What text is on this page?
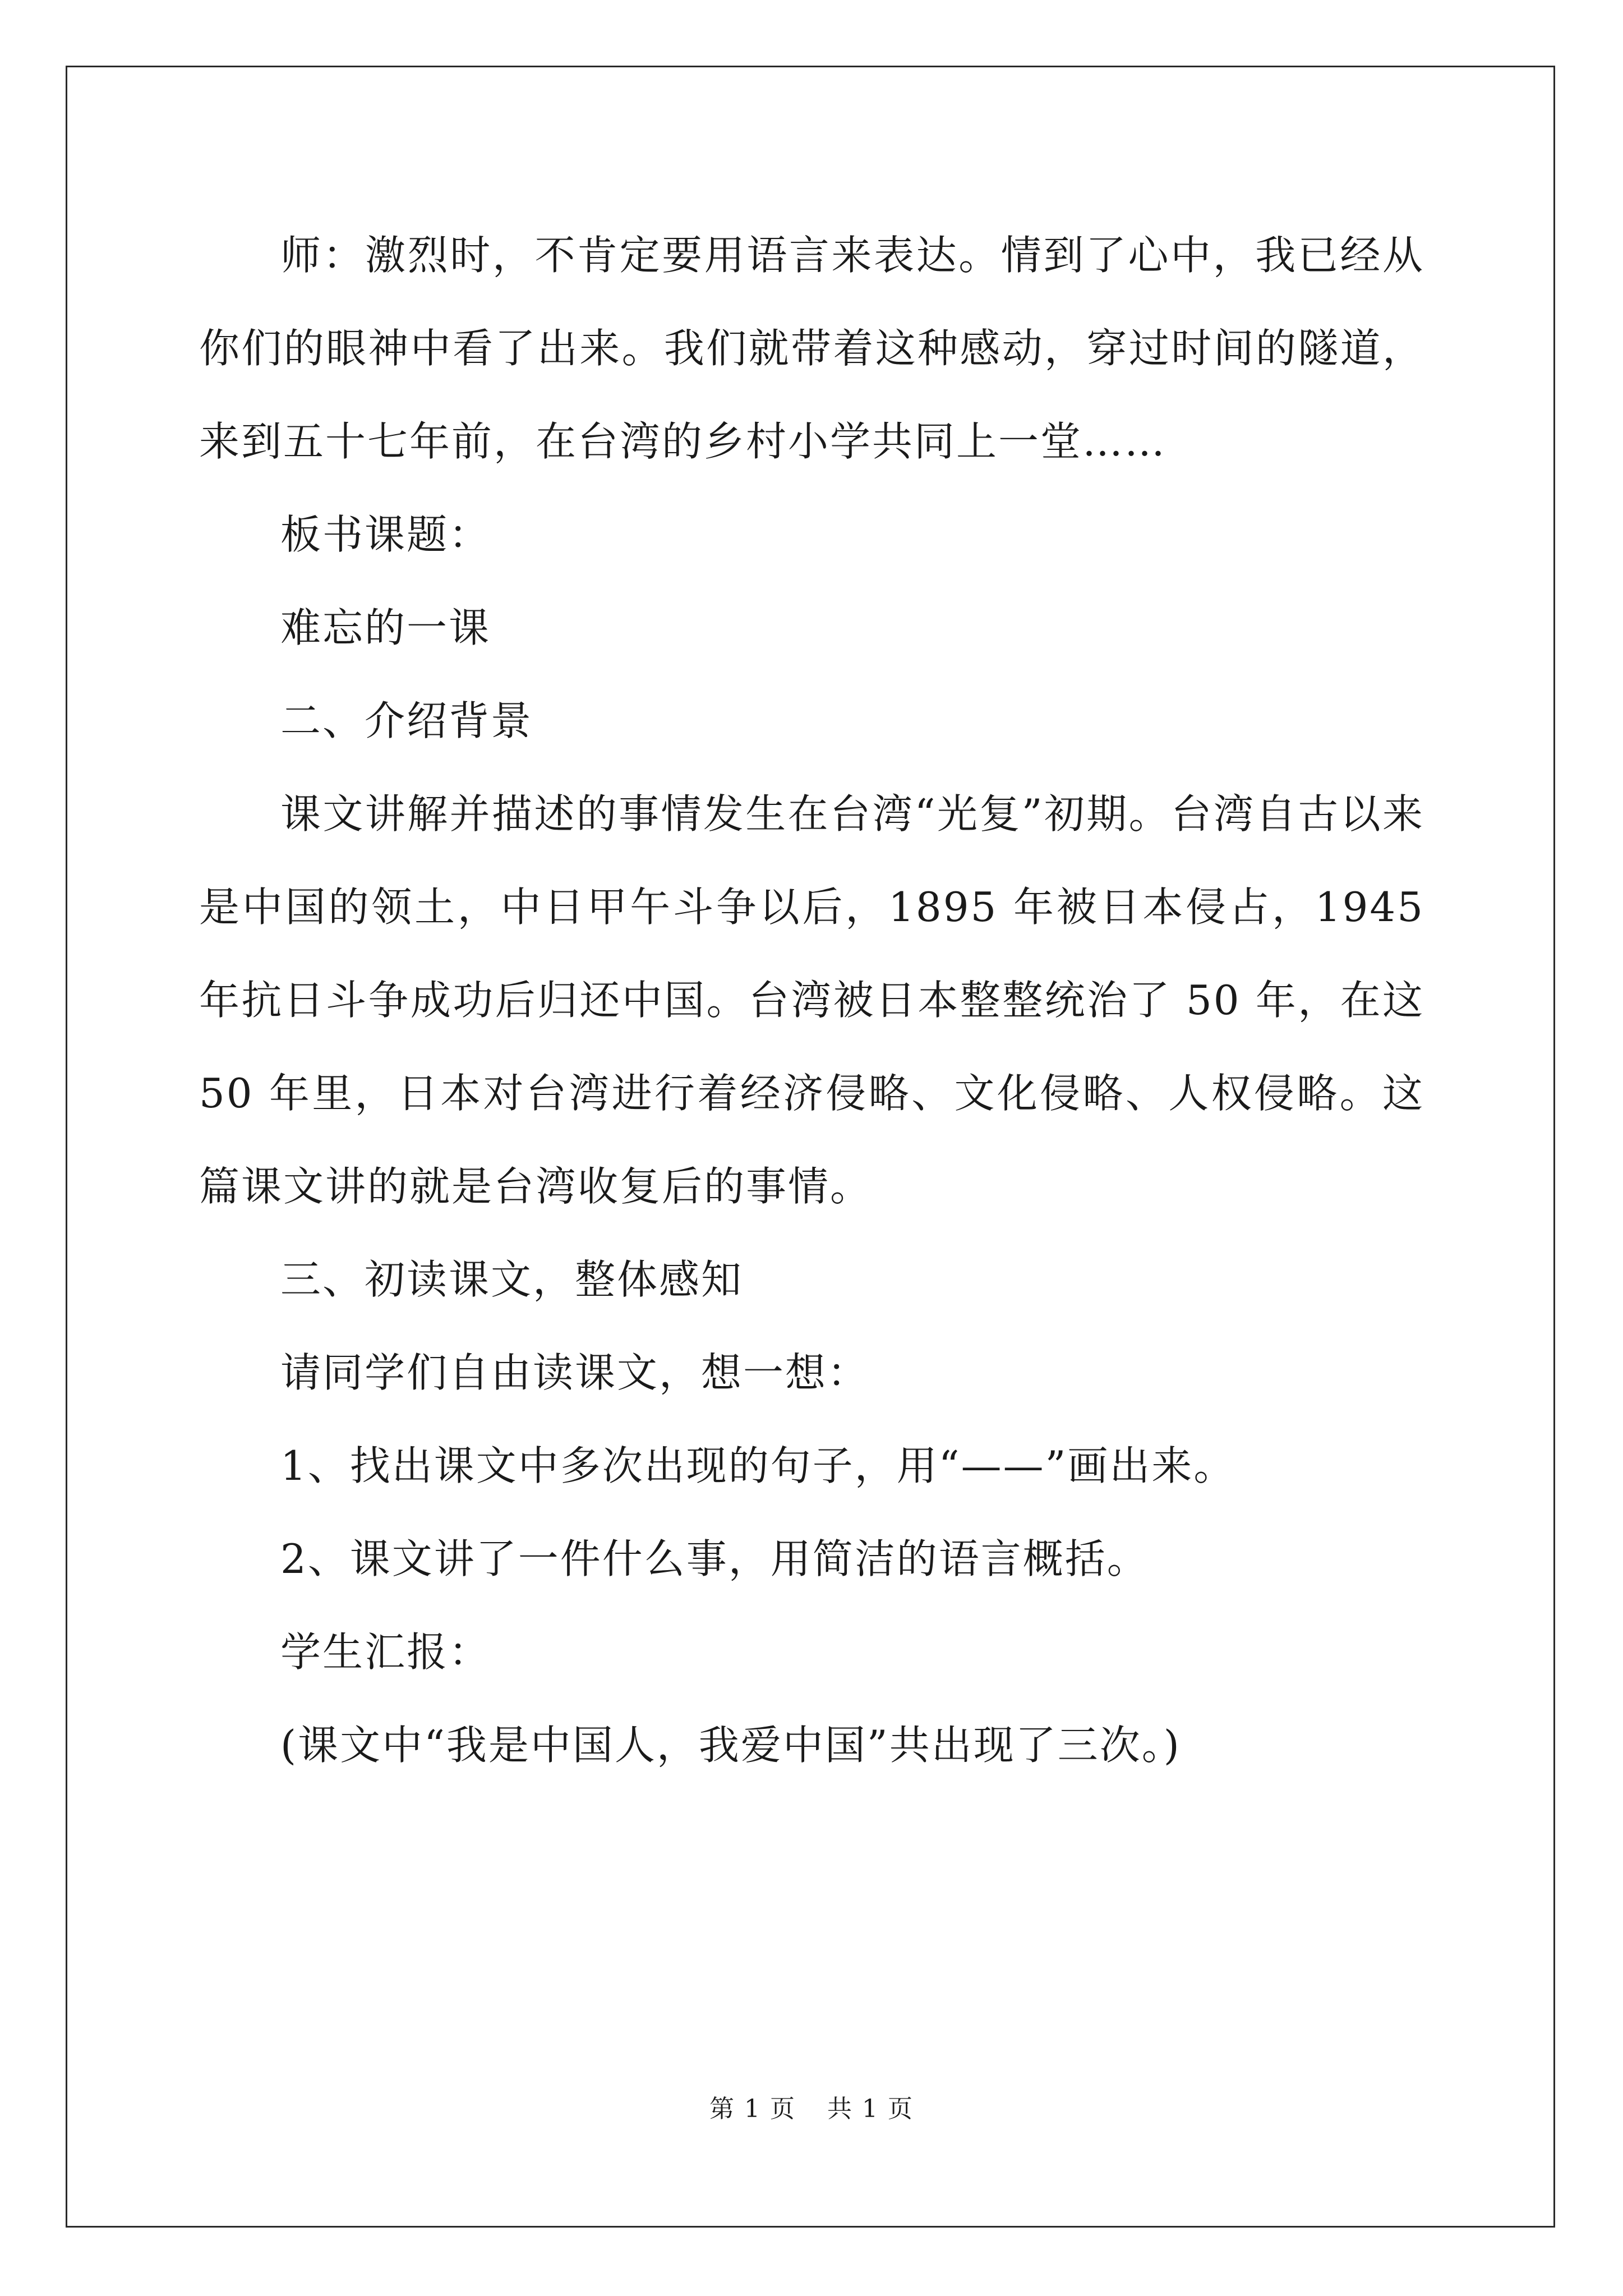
师：激烈时，不肯定要用语言来表达。情到了心中，我已经从你们的眼神中看了出来。我们就带着这种感动，穿过时间的隧道，来到五十七年前，在台湾的乡村小学共同上一堂……

板书课题：

难忘的一课

二、介绍背景

课文讲解并描述的事情发生在台湾“光复”初期。台湾自古以来是中国的领土，中日甲午斗争以后，1895 年被日本侵占，1945 年抗日斗争成功后归还中国。台湾被日本整整统治了 50 年，在这 50 年里，日本对台湾进行着经济侵略、文化侵略、人权侵略。这篇课文讲的就是台湾收复后的事情。

三、初读课文，整体感知

请同学们自由读课文，想一想：

1、找出课文中多次出现的句子，用“——”画出来。

2、课文讲了一件什么事，用简洁的语言概括。

学生汇报：

(课文中“我是中国人，我爱中国”共出现了三次。)

第 1 页 共 1 页
